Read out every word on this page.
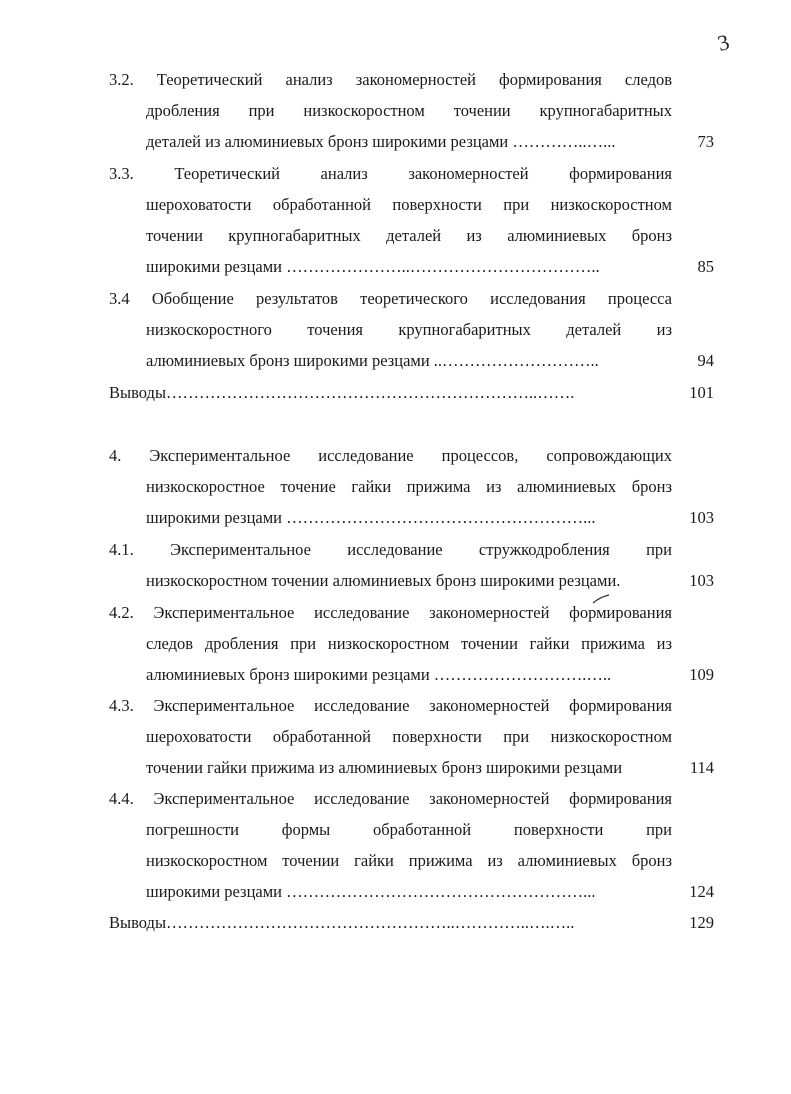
3
3.2. Теоретический анализ закономерностей формирования следов
дробления при низкоскоростном точении крупногабаритных
деталей из алюминиевых бронз широкими резцами …………..…...	73
3.3. Теоретический анализ закономерностей формирования
шероховатости обработанной поверхности при низкоскоростном
точении крупногабаритных деталей из алюминиевых бронз
широкими резцами …………………..……………………………..	85
3.4 Обобщение результатов теоретического исследования процесса
низкоскоростного точения крупногабаритных деталей из
алюминиевых бронз широкими резцами ..………………………..	94
Выводы…………………………………………………………..…….	101
4. Экспериментальное исследование процессов, сопровождающих
низкоскоростное точение гайки прижима из алюминиевых бронз
широкими резцами ………………………………………………...	103
4.1. Экспериментальное исследование стружкодробления при
низкоскоростном точении алюминиевых бронз широкими резцами.	103
4.2. Экспериментальное исследование закономерностей формирования
следов дробления при низкоскоростном точении гайки прижима из
алюминиевых бронз широкими резцами ……………………….…..	109
4.3. Экспериментальное исследование закономерностей формирования
шероховатости обработанной поверхности при низкоскоростном
точении гайки прижима из алюминиевых бронз широкими резцами	114
4.4. Экспериментальное исследование закономерностей формирования
погрешности формы обработанной поверхности при
низкоскоростном точении гайки прижима из алюминиевых бронз
широкими резцами ………………………………………………...	124
Выводы……………………………………………..…………..….…..	129
